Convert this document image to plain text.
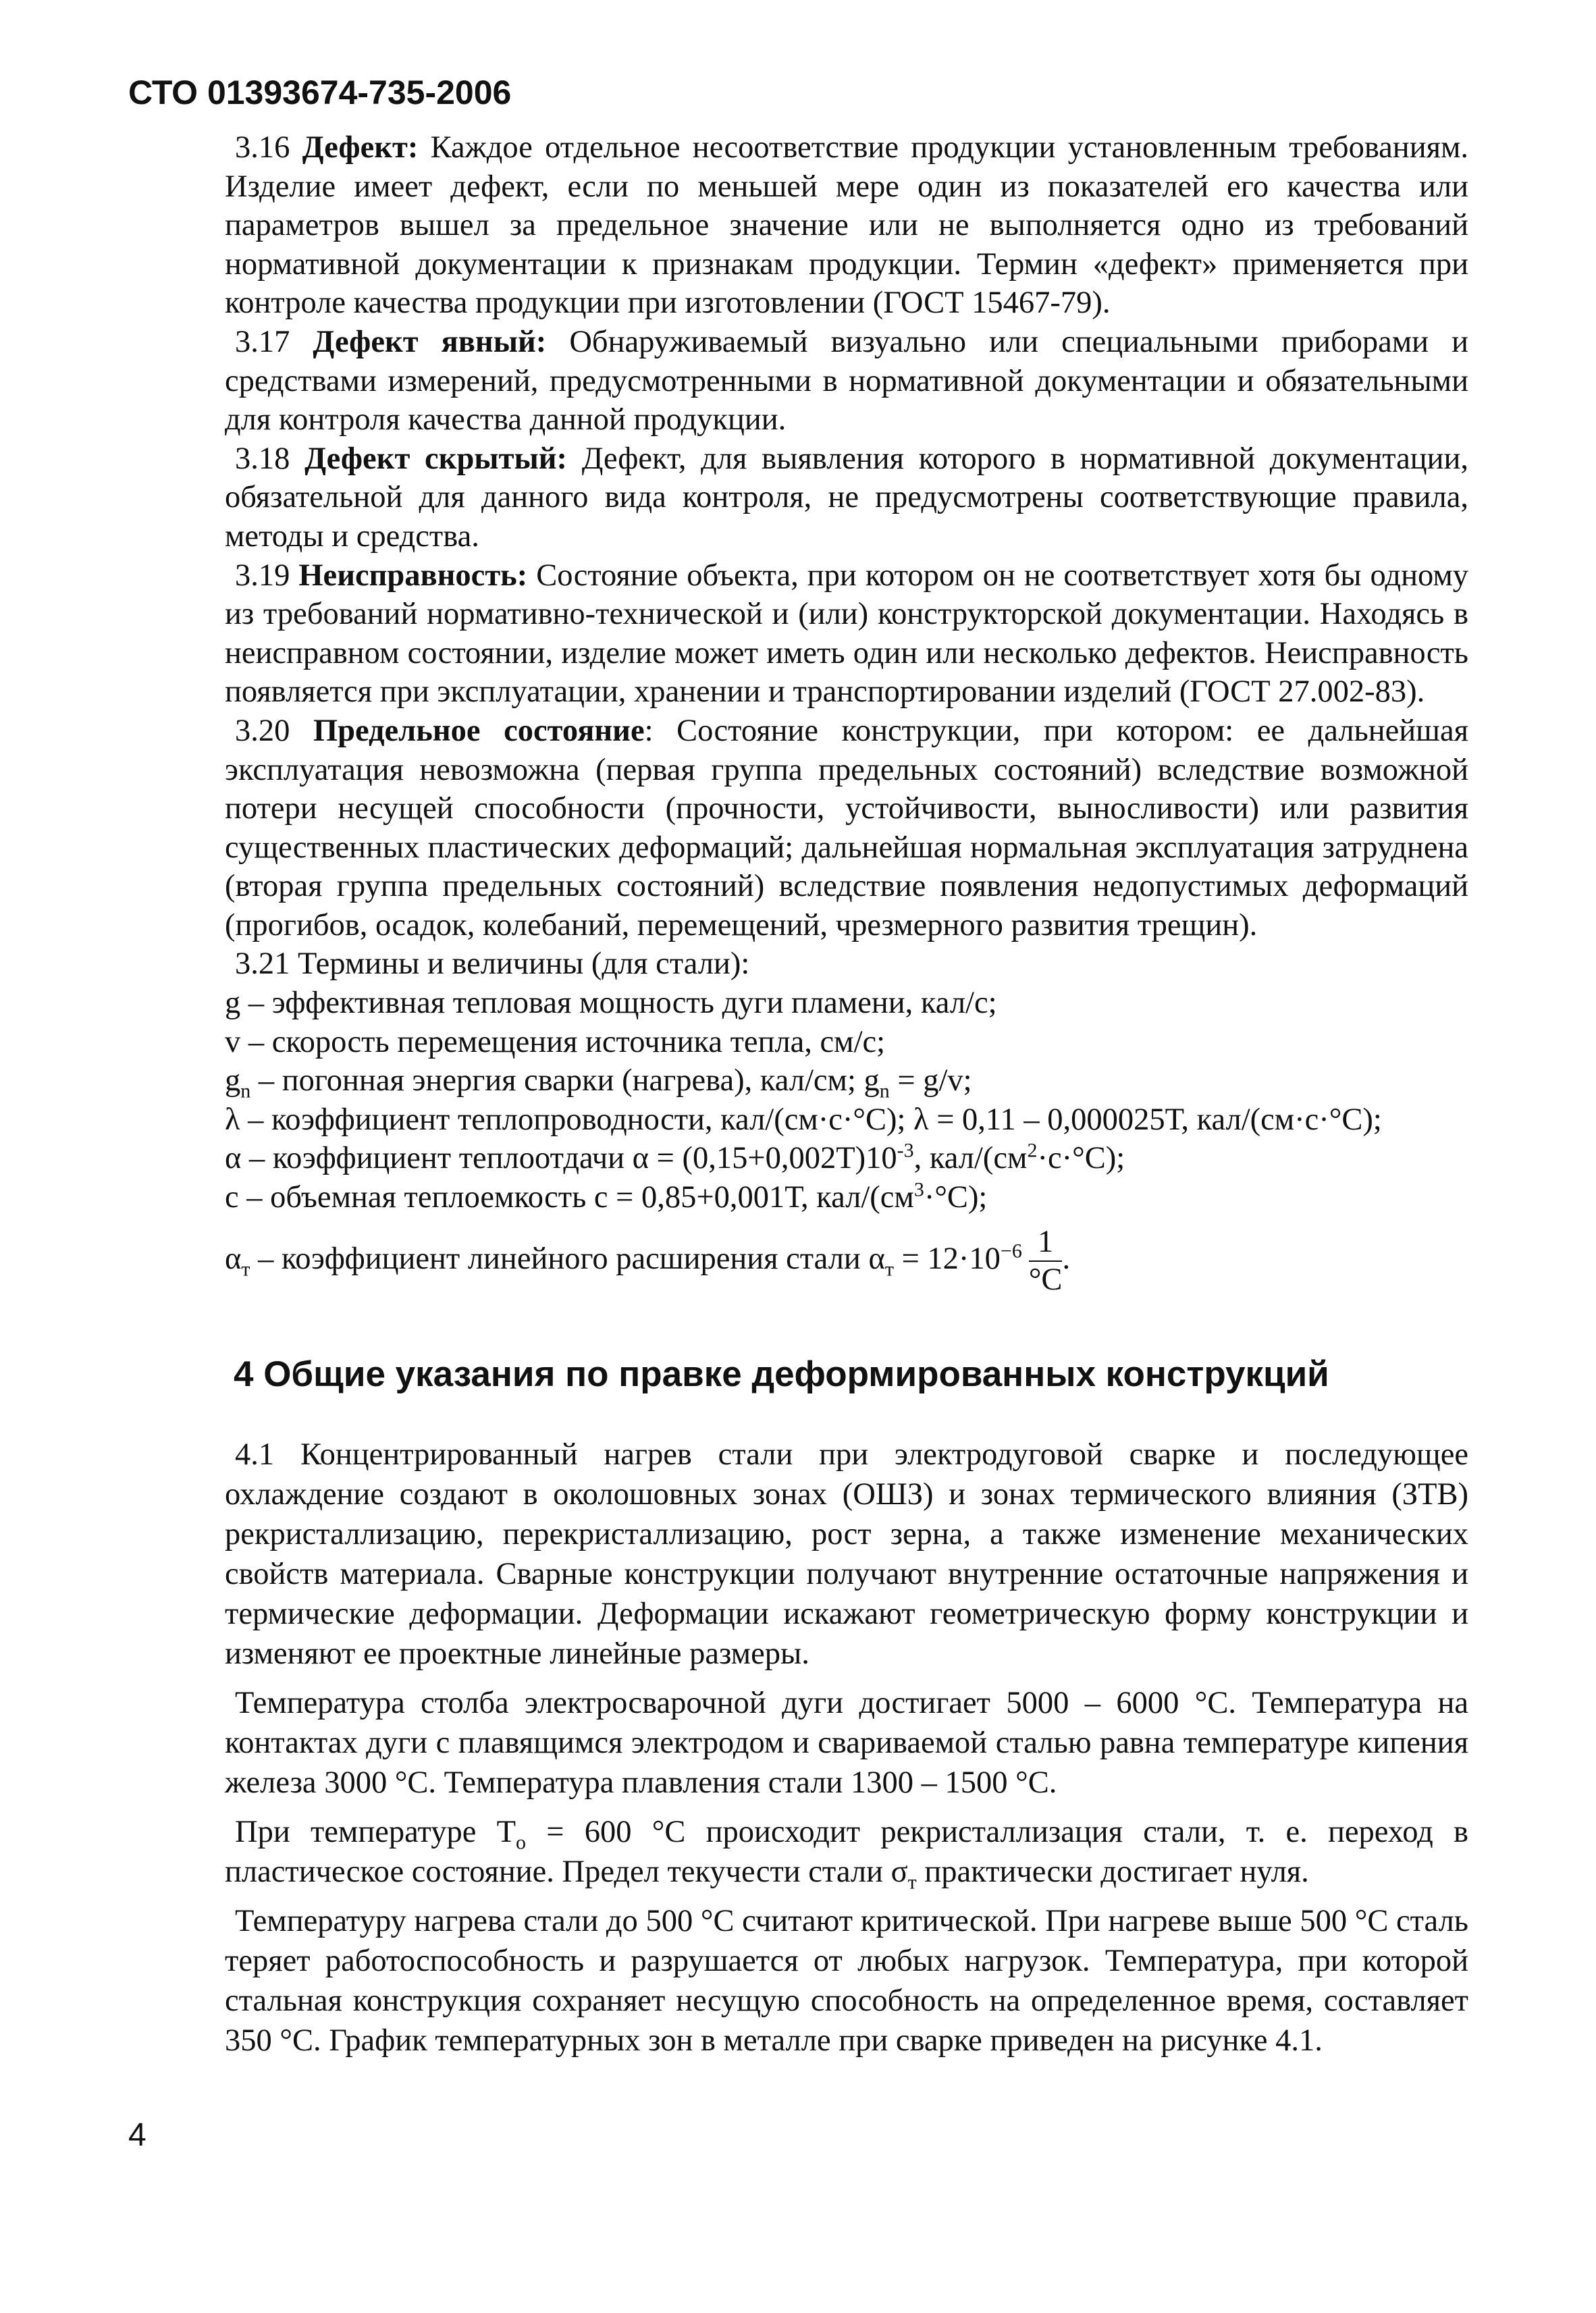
СТО 01393674-735-2006

3.16 Дефект: Каждое отдельное несоответствие продукции установленным требованиям. Изделие имеет дефект, если по меньшей мере один из показателей его качества или параметров вышел за предельное значение или не выполняется одно из требований нормативной документации к признакам продукции. Термин «дефект» применяется при контроле качества продукции при изготовлении (ГОСТ 15467-79).

3.17 Дефект явный: Обнаруживаемый визуально или специальными приборами и средствами измерений, предусмотренными в нормативной документации и обязательными для контроля качества данной продукции.

3.18 Дефект скрытый: Дефект, для выявления которого в нормативной документации, обязательной для данного вида контроля, не предусмотрены соответствующие правила, методы и средства.

3.19 Неисправность: Состояние объекта, при котором он не соответствует хотя бы одному из требований нормативно-технической и (или) конструкторской документации. Находясь в неисправном состоянии, изделие может иметь один или несколько дефектов. Неисправность появляется при эксплуатации, хранении и транспортировании изделий (ГОСТ 27.002-83).

3.20 Предельное состояние: Состояние конструкции, при котором: ее дальнейшая эксплуатация невозможна (первая группа предельных состояний) вследствие возможной потери несущей способности (прочности, устойчивости, выносливости) или развития существенных пластических деформаций; дальнейшая нормальная эксплуатация затруднена (вторая группа предельных состояний) вследствие появления недопустимых деформаций (прогибов, осадок, колебаний, перемещений, чрезмерного развития трещин).

3.21 Термины и величины (для стали):

g – эффективная тепловая мощность дуги пламени, кал/с;

v – скорость перемещения источника тепла, см/с;

$g_n$ – погонная энергия сварки (нагрева), кал/см; $g_n = g/v$;

λ – коэффициент теплопроводности, кал/(см·с·°С); λ = 0,11 – 0,000025Т, кал/(см·с·°С);

α – коэффициент теплоотдачи $\alpha = (0,15+0,002Т)10^{-3}$, кал/$(см^2\cdot с\cdot^\circ С)$;

с – объемная теплоемкость с = 0,85+0,001Т, кал/$(см^3\cdot^\circ С)$;

$\alpha_т$ – коэффициент линейного расширения стали $\alpha_т = 12\cdot 10^{-6} \frac{1}{^\circ С}$ .

4 Общие указания по правке деформированных конструкций

4.1 Концентрированный нагрев стали при электродуговой сварке и последующее охлаждение создают в околошовных зонах (ОШЗ) и зонах термического влияния (ЗТВ) рекристаллизацию, перекристаллизацию, рост зерна, а также изменение механических свойств материала. Сварные конструкции получают внутренние остаточные напряжения и термические деформации. Деформации искажают геометрическую форму конструкции и изменяют ее проектные линейные размеры.

Температура столба электросварочной дуги достигает 5000 – 6000 °С. Температура на контактах дуги с плавящимся электродом и свариваемой сталью равна температуре кипения железа 3000 °С. Температура плавления стали 1300 – 1500 °С.

При температуре $Т_о = 600$ °С происходит рекристаллизация стали, т. е. переход в пластическое состояние. Предел текучести стали $\sigma_т$ практически достигает нуля.

Температуру нагрева стали до 500 °С считают критической. При нагреве выше 500 °С сталь теряет работоспособность и разрушается от любых нагрузок. Температура, при которой стальная конструкция сохраняет несущую способность на определенное время, составляет 350 °С. График температурных зон в металле при сварке приведен на рисунке 4.1.

4
